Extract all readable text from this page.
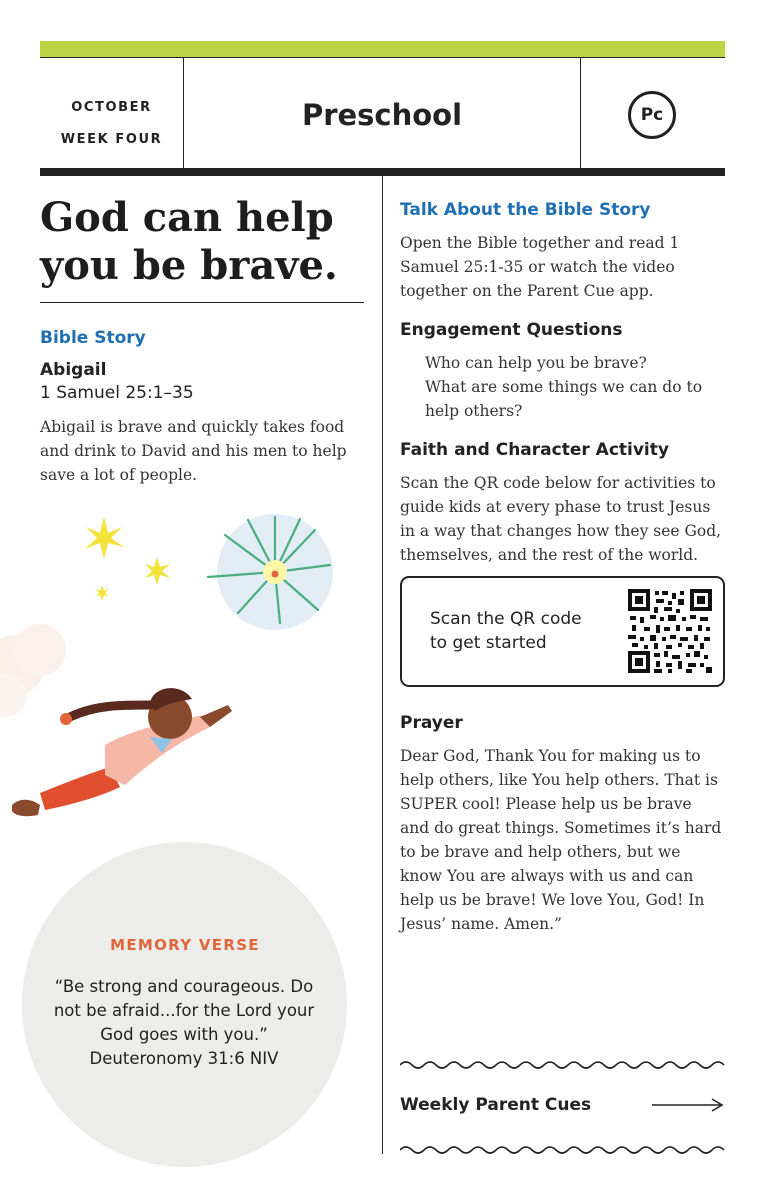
OCTOBER
WEEK FOUR
Preschool	Pc
God can help
you be brave.
Bible Story
Abigail
1 Samuel 25:1–35
Abigail is brave and quickly takes food and drink to David and his men to help save a lot of people.
MEMORY VERSE
“Be strong and courageous. Do not be afraid...for the Lord your God goes with you.”
Deuteronomy 31:6 NIV
Talk About the Bible Story
Open the Bible together and read 1 Samuel 25:1-35 or watch the video together on the Parent Cue app.
Engagement Questions
Who can help you be brave?
What are some things we can do to help others?
Faith and Character Activity
Scan the QR code below for activities to guide kids at every phase to trust Jesus in a way that changes how they see God, themselves, and the rest of the world.
Scan the QR code
to get started
Prayer
Dear God, Thank You for making us to help others, like You help others. That is SUPER cool! Please help us be brave and do great things. Sometimes it’s hard to be brave and help others, but we know You are always with us and can help us be brave! We love You, God! In Jesus’ name. Amen.”
Weekly Parent Cues
